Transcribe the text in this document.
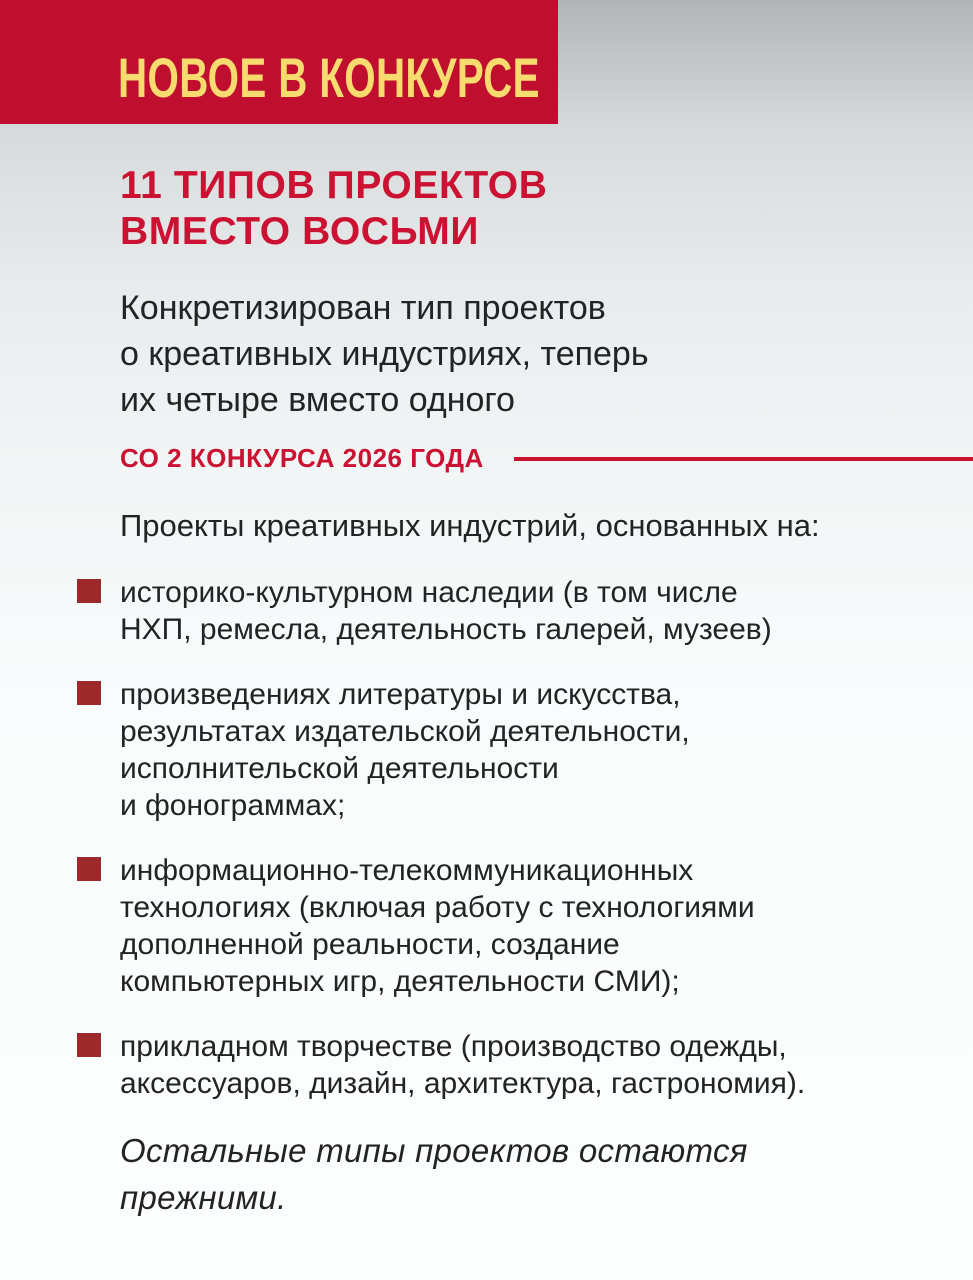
НОВОЕ В КОНКУРСЕ
11 ТИПОВ ПРОЕКТОВ
ВМЕСТО ВОСЬМИ

Конкретизирован тип проектов
о креативных индустриях, теперь
их четыре вместо одного

СО 2 КОНКУРСА 2026 ГОДА

Проекты креативных индустрий, основанных на:

историко-культурном наследии (в том числе
НХП, ремесла, деятельность галерей, музеев)
произведениях литературы и искусства,
результатах издательской деятельности,
исполнительской деятельности
и фонограммах;
информационно-телекоммуникационных
технологиях (включая работу с технологиями
дополненной реальности, создание
компьютерных игр, деятельности СМИ);
прикладном творчестве (производство одежды,
аксессуаров, дизайн, архитектура, гастрономия).

Остальные типы проектов остаются
прежними.
